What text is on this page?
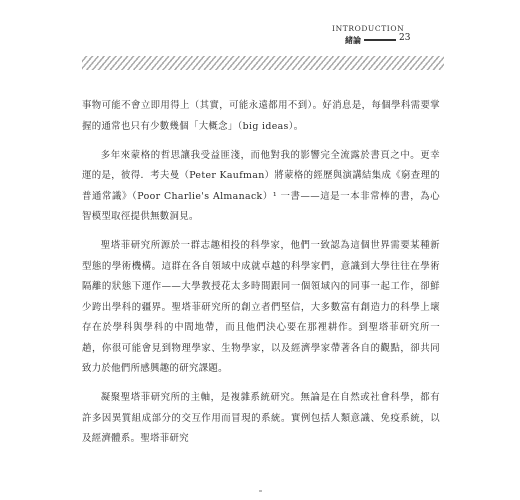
INTRODUCTION
緒論	23

事物可能不會立即用得上（其實，可能永遠都用不到）。好消息是，每個學科需要掌握的通常也只有少數幾個「大概念」（big ideas）。

多年來蒙格的哲思讓我受益匪淺，而他對我的影響完全流露於書頁之中。更幸運的是，彼得．考夫曼（Peter Kaufman）將蒙格的經歷與演講結集成《窮查理的普通常識》（Poor Charlie's Almanack）¹ 一書——這是一本非常棒的書，為心智模型取徑提供無數洞見。

聖塔菲研究所源於一群志趣相投的科學家，他們一致認為這個世界需要某種新型態的學術機構。這群在各自領域中成就卓越的科學家們，意識到大學往往在學術隔離的狀態下運作——大學教授花太多時間跟同一個領域內的同事一起工作，卻鮮少跨出學科的疆界。聖塔菲研究所的創立者們堅信，大多數富有創造力的科學上壞存在於學科與學科的中間地帶，而且他們決心要在那裡耕作。到聖塔菲研究所一趟，你很可能會見到物理學家、生物學家，以及經濟學家帶著各自的觀點，卻共同致力於他們所感興趣的研究課題。

凝聚聖塔菲研究所的主軸，是複雜系統研究。無論是在自然或社會科學，都有許多因異質組成部分的交互作用而冒現的系統。實例包括人類意識、免疫系統，以及經濟體系。聖塔菲研究
